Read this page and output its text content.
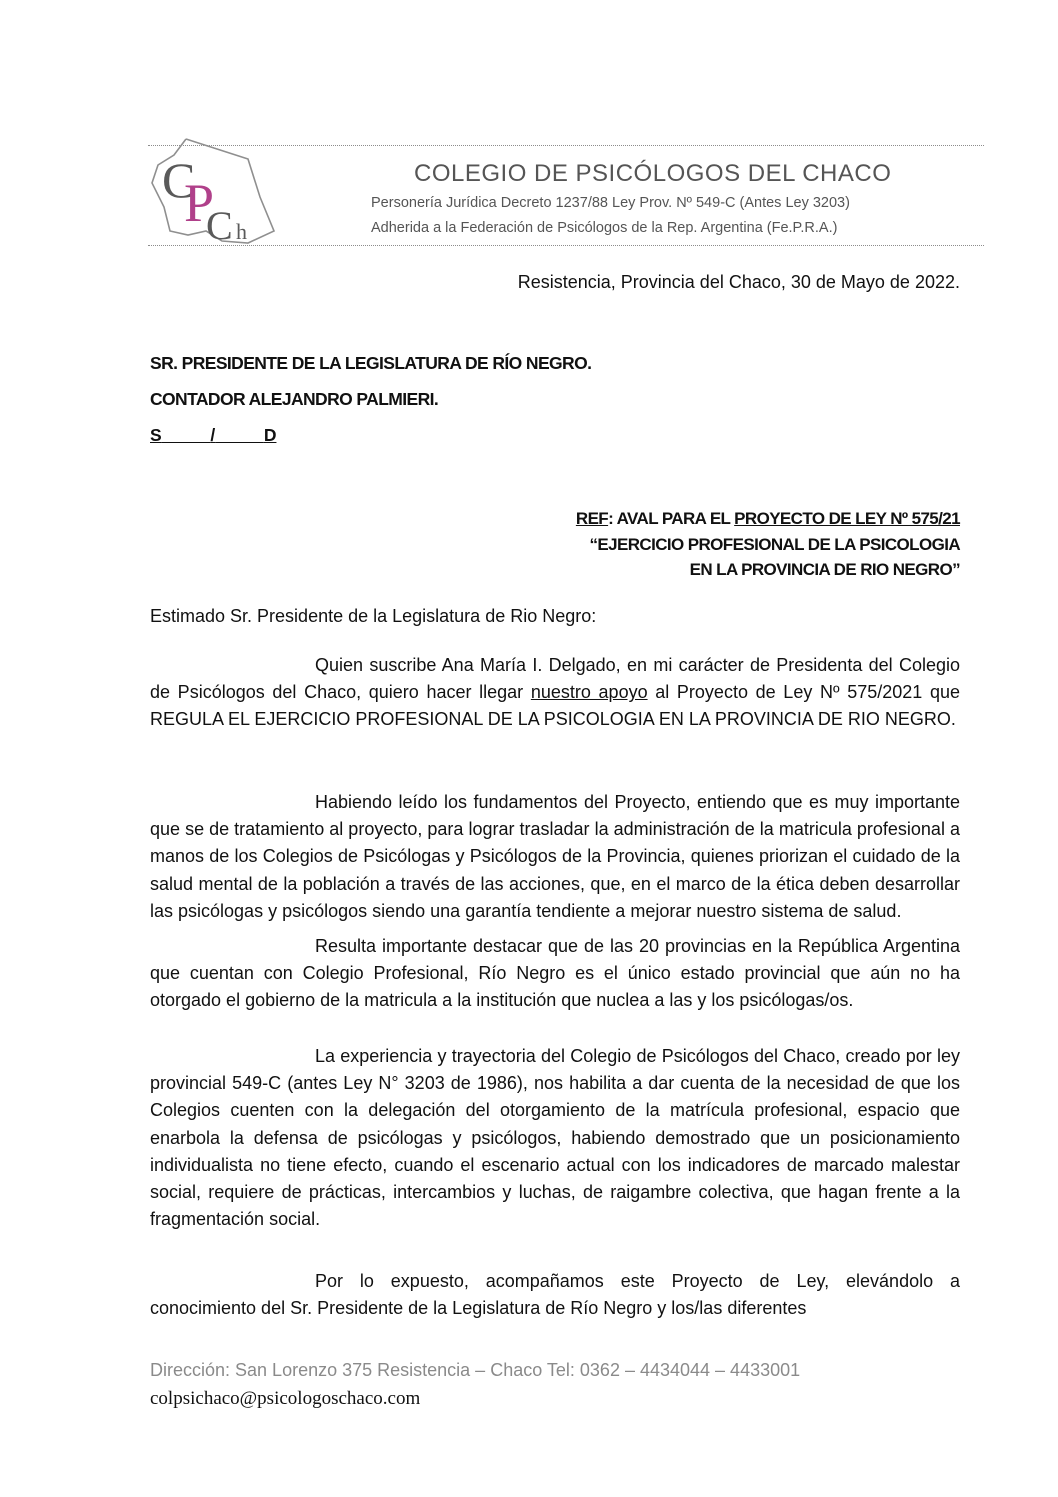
C
P
C h
COLEGIO DE PSICÓLOGOS DEL CHACO
Personería Jurídica Decreto 1237/88 Ley Prov. Nº 549-C (Antes Ley 3203)
Adherida a la Federación de Psicólogos de la Rep. Argentina (Fe.P.R.A.)
Resistencia, Provincia del Chaco, 30 de Mayo de 2022.
SR. PRESIDENTE DE LA LEGISLATURA DE RÍO NEGRO.
CONTADOR ALEJANDRO PALMIERI.
S	/	D
REF: AVAL PARA EL PROYECTO DE LEY Nº 575/21
“EJERCICIO PROFESIONAL DE LA PSICOLOGIA
EN LA PROVINCIA DE RIO NEGRO”
Estimado Sr. Presidente de la Legislatura de Rio Negro:

Quien suscribe Ana María I. Delgado, en mi carácter de Presidenta del Colegio de Psicólogos del Chaco, quiero hacer llegar nuestro apoyo al Proyecto de Ley Nº 575/2021 que REGULA EL EJERCICIO PROFESIONAL DE LA PSICOLOGIA EN LA PROVINCIA DE RIO NEGRO.

Habiendo leído los fundamentos del Proyecto, entiendo que es muy importante que se de tratamiento al proyecto, para lograr trasladar la administración de la matricula profesional a manos de los Colegios de Psicólogas y Psicólogos de la Provincia, quienes priorizan el cuidado de la salud mental de la población a través de las acciones, que, en el marco de la ética deben desarrollar las psicólogas y psicólogos siendo una garantía tendiente a mejorar nuestro sistema de salud.

Resulta importante destacar que de las 20 provincias en la República Argentina que cuentan con Colegio Profesional, Río Negro es el único estado provincial que aún no ha otorgado el gobierno de la matricula a la institución que nuclea a las y los psicólogas/os.

La experiencia y trayectoria del Colegio de Psicólogos del Chaco, creado por ley provincial 549-C (antes Ley N° 3203 de 1986), nos habilita a dar cuenta de la necesidad de que los Colegios cuenten con la delegación del otorgamiento de la matrícula profesional, espacio que enarbola la defensa de psicólogas y psicólogos, habiendo demostrado que un posicionamiento individualista no tiene efecto, cuando el escenario actual con los indicadores de marcado malestar social, requiere de prácticas, intercambios y luchas, de raigambre colectiva, que hagan frente a la fragmentación social.

Por lo expuesto, acompañamos este Proyecto de Ley, elevándolo a conocimiento del Sr. Presidente de la Legislatura de Río Negro y los/las diferentes

Dirección: San Lorenzo 375 Resistencia – Chaco Tel: 0362 – 4434044 – 4433001
colpsichaco@psicologoschaco.com
